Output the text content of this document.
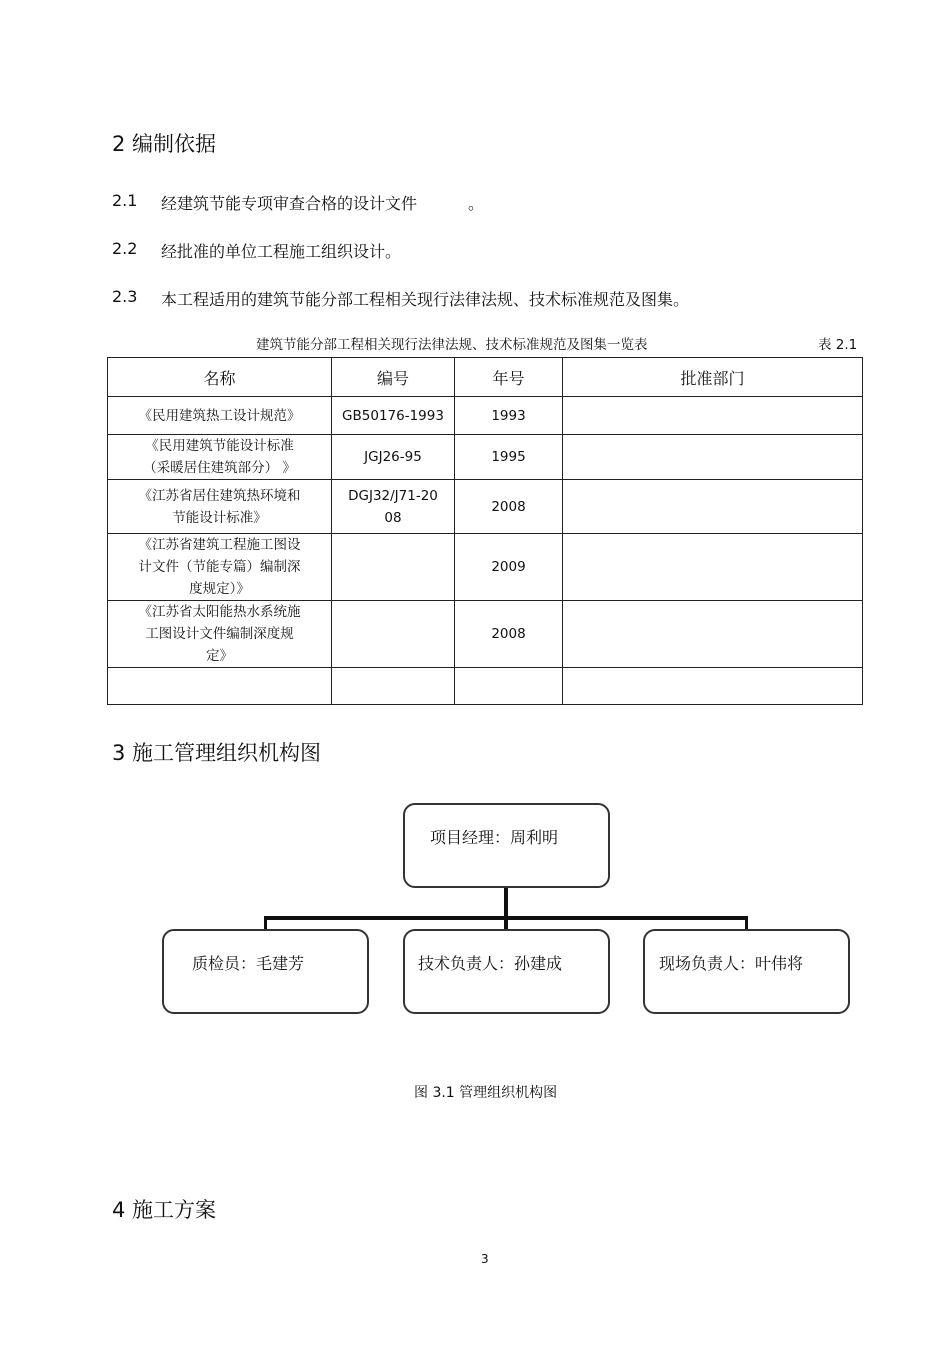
2 编制依据
2.1 经建筑节能专项审查合格的设计文件	。
2.2 经批准的单位工程施工组织设计。
2.3 本工程适用的建筑节能分部工程相关现行法律法规、技术标准规范及图集。
建筑节能分部工程相关现行法律法规、技术标准规范及图集一览表	表 2.1
名称	编号	年号	批准部门
《民用建筑热工设计规范》	GB50176-1993	1993	
《民用建筑节能设计标准
（采暖居住建筑部分） 》	JGJ26-95	1995	
《江苏省居住建筑热环境和
节能设计标准》	DGJ32/J71-20
08	2008	
《江苏省建筑工程施工图设
计文件（节能专篇）编制深
度规定）》		2009	
《江苏省太阳能热水系统施
工图设计文件编制深度规
定》		2008	

3 施工管理组织机构图
项目经理：周利明
质检员：毛建芳	技术负责人：孙建成	现场负责人：叶伟将
图 3.1 管理组织机构图
4 施工方案
3
